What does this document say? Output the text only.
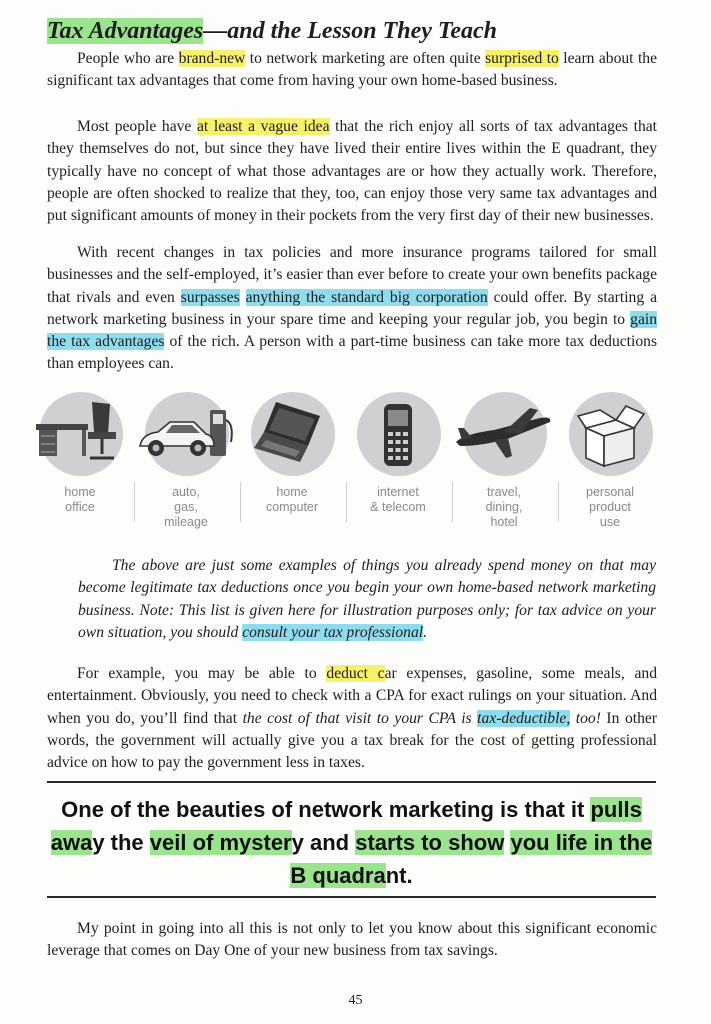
Tax Advantages—and the Lesson They Teach

People who are brand-new to network marketing are often quite surprised to learn about the significant tax advantages that come from having your own home-based business.

Most people have at least a vague idea that the rich enjoy all sorts of tax advantages that they themselves do not, but since they have lived their entire lives within the E quadrant, they typically have no concept of what those advantages are or how they actually work. Therefore, people are often shocked to realize that they, too, can enjoy those very same tax advantages and put significant amounts of money in their pockets from the very first day of their new businesses.

With recent changes in tax policies and more insurance programs tailored for small businesses and the self-employed, it’s easier than ever before to create your own benefits package that rivals and even surpasses anything the standard big corporation could offer. By starting a network marketing business in your spare time and keeping your regular job, you begin to gain the tax advantages of the rich. A person with a part-time business can take more tax deductions than employees can.

home
office
auto,
gas,
mileage
home
computer
internet
& telecom
travel,
dining,
hotel
personal
product
use

The above are just some examples of things you already spend money on that may become legitimate tax deductions once you begin your own home-based network marketing business. Note: This list is given here for illustration purposes only; for tax advice on your own situation, you should consult your tax professional.

For example, you may be able to deduct car expenses, gasoline, some meals, and entertainment. Obviously, you need to check with a CPA for exact rulings on your situation. And when you do, you’ll find that the cost of that visit to your CPA is tax-deductible, too! In other words, the government will actually give you a tax break for the cost of getting professional advice on how to pay the government less in taxes.

One of the beauties of network marketing is that it pulls away the veil of mystery and starts to show you life in the B quadrant.

My point in going into all this is not only to let you know about this significant economic leverage that comes on Day One of your new business from tax savings.

45
